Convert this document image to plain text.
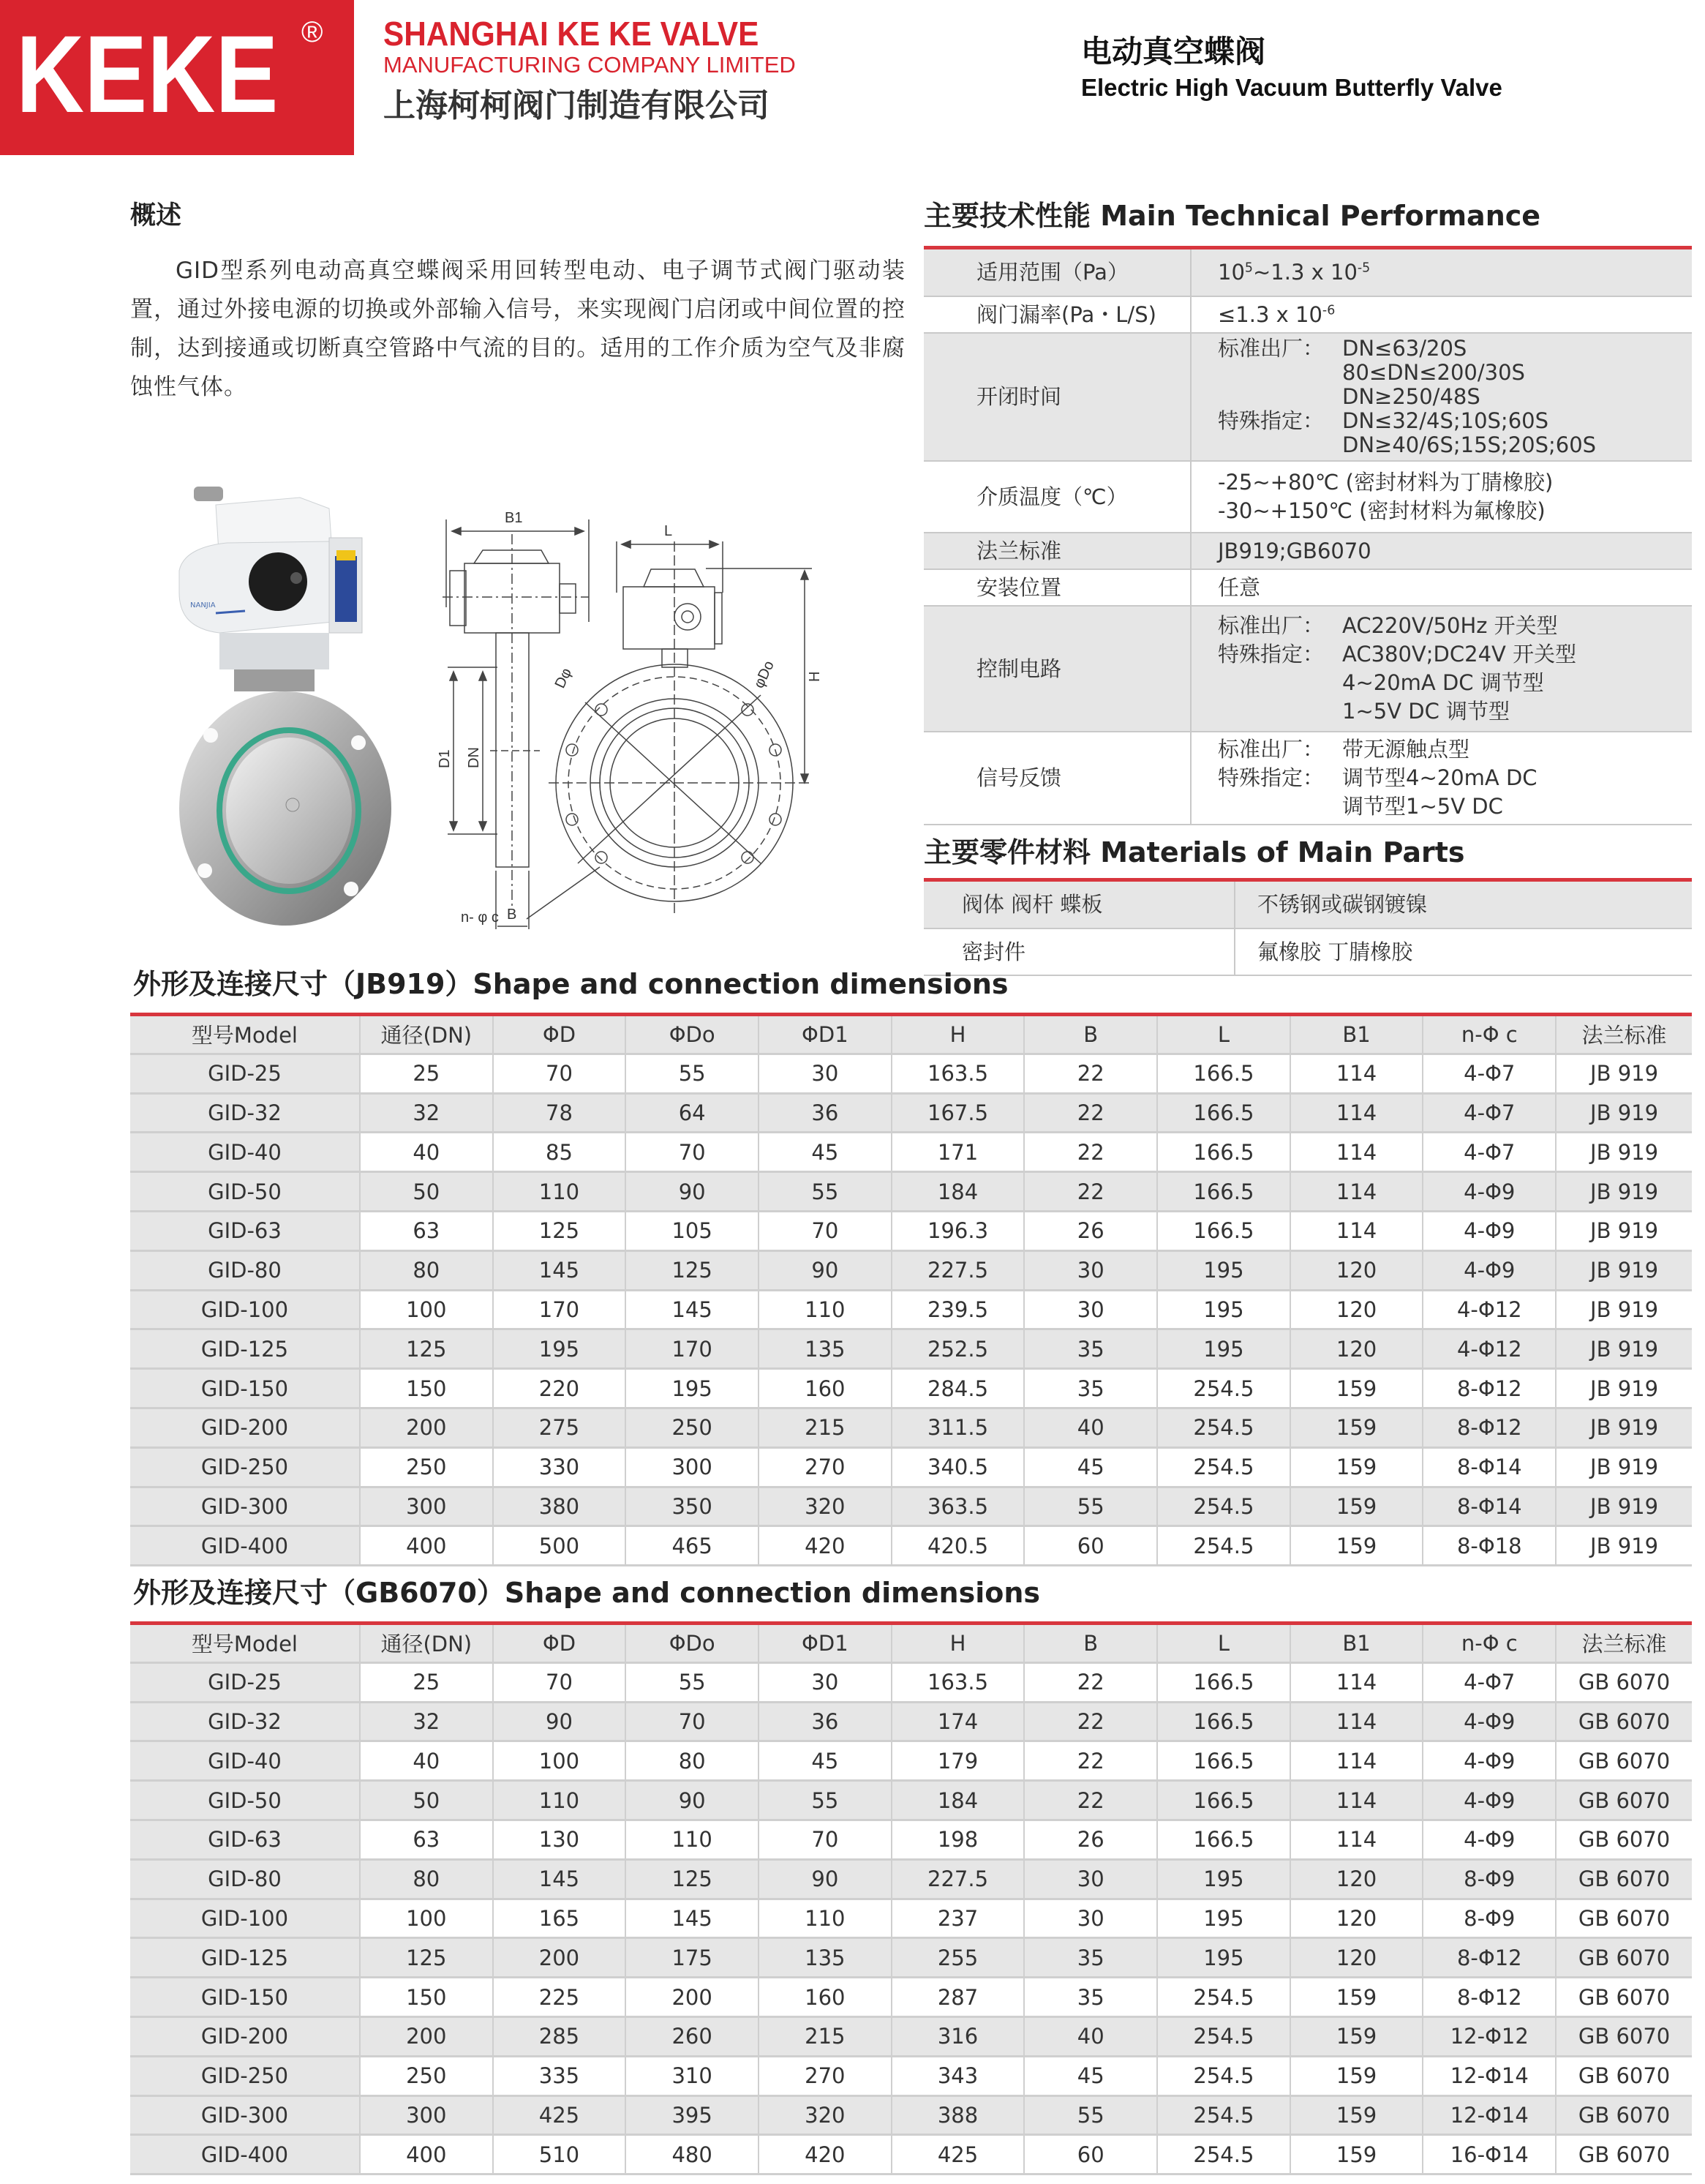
KEKE ® SHANGHAI KE KE VALVE
MANUFACTURING COMPANY LIMITED
上海柯柯阀门制造有限公司
电动真空蝶阀
Electric High Vacuum Butterfly Valve
概述

GID型系列电动高真空蝶阀采用回转型电动、电子调节式阀门驱动装置，通过外接电源的切换或外部输入信号，来实现阀门启闭或中间位置的控制，达到接通或切断真空管路中气流的目的。适用的工作介质为空气及非腐蚀性气体。

NANJIA
B1
D1 DN
B
L
H
Dφ	φDo
n- φ c
主要技术性能 Main Technical Performance
适用范围（Pa）	$10^5\sim 1.3$ x $10^{-5}$
阀门漏率(Pa・L/S)	≤1.3 x $10^{-6}$
开闭时间	标准出厂： DN≤63/20S
80≤DN≤200/30S
DN≥250/48S
特殊指定： DN≤32/4S;10S;60S
DN≥40/6S;15S;20S;60S

介质温度（℃）	-25~+80℃ (密封材料为丁腈橡胶)
-30~+150℃ (密封材料为氟橡胶)

法兰标准	JB919;GB6070
安装位置	任意
控制电路	标准出厂： AC220V/50Hz 开关型
特殊指定： AC380V;DC24V 开关型
4~20mA DC 调节型
1~5V DC 调节型

信号反馈	标准出厂： 带无源触点型
特殊指定： 调节型4~20mA DC
调节型1~5V DC
主要零件材料 Materials of Main Parts
阀体 阀杆 蝶板	不锈钢或碳钢镀镍
密封件	氟橡胶 丁腈橡胶
外形及连接尺寸（JB919）Shape and connection dimensions
型号Model	通径(DN)	ΦD	ΦDo	ΦD1	H	B	L	B1	n-Φ c	法兰标准
GID-25	25	70	55	30	163.5	22	166.5	114	4-Φ7	JB 919
GID-32	32	78	64	36	167.5	22	166.5	114	4-Φ7	JB 919
GID-40	40	85	70	45	171	22	166.5	114	4-Φ7	JB 919
GID-50	50	110	90	55	184	22	166.5	114	4-Φ9	JB 919
GID-63	63	125	105	70	196.3	26	166.5	114	4-Φ9	JB 919
GID-80	80	145	125	90	227.5	30	195	120	4-Φ9	JB 919
GID-100	100	170	145	110	239.5	30	195	120	4-Φ12	JB 919
GID-125	125	195	170	135	252.5	35	195	120	4-Φ12	JB 919
GID-150	150	220	195	160	284.5	35	254.5	159	8-Φ12	JB 919
GID-200	200	275	250	215	311.5	40	254.5	159	8-Φ12	JB 919
GID-250	250	330	300	270	340.5	45	254.5	159	8-Φ14	JB 919
GID-300	300	380	350	320	363.5	55	254.5	159	8-Φ14	JB 919
GID-400	400	500	465	420	420.5	60	254.5	159	8-Φ18	JB 919
外形及连接尺寸（GB6070）Shape and connection dimensions
型号Model	通径(DN)	ΦD	ΦDo	ΦD1	H	B	L	B1	n-Φ c	法兰标准
GID-25	25	70	55	30	163.5	22	166.5	114	4-Φ7	GB 6070
GID-32	32	90	70	36	174	22	166.5	114	4-Φ9	GB 6070
GID-40	40	100	80	45	179	22	166.5	114	4-Φ9	GB 6070
GID-50	50	110	90	55	184	22	166.5	114	4-Φ9	GB 6070
GID-63	63	130	110	70	198	26	166.5	114	4-Φ9	GB 6070
GID-80	80	145	125	90	227.5	30	195	120	8-Φ9	GB 6070
GID-100	100	165	145	110	237	30	195	120	8-Φ9	GB 6070
GID-125	125	200	175	135	255	35	195	120	8-Φ12	GB 6070
GID-150	150	225	200	160	287	35	254.5	159	8-Φ12	GB 6070
GID-200	200	285	260	215	316	40	254.5	159	12-Φ12	GB 6070
GID-250	250	335	310	270	343	45	254.5	159	12-Φ14	GB 6070
GID-300	300	425	395	320	388	55	254.5	159	12-Φ14	GB 6070
GID-400	400	510	480	420	425	60	254.5	159	16-Φ14	GB 6070
